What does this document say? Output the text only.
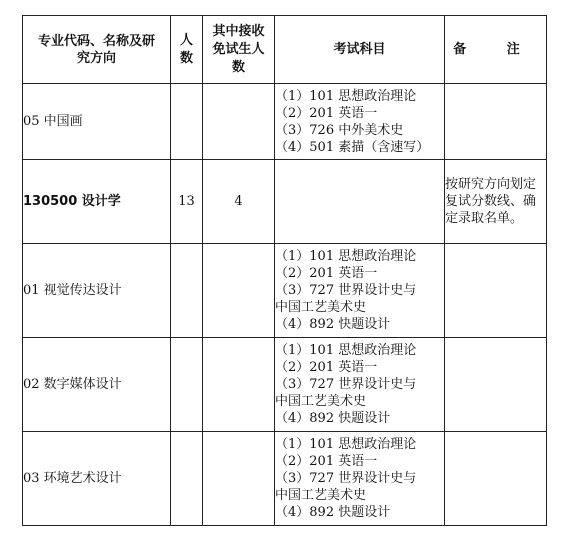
专业代码、名称及研究方向	人数	其中接收免试生人数	考试科目	备 注
05 中国画			（1）101 思想政治理论
（2）201 英语一
（3）726 中外美术史
（4）501 素描（含速写）	

130500 设计学	13	4		按研究方向划定复试分数线、确定录取名单。
01 视觉传达设计			（1）101 思想政治理论
（2）201 英语一
（3）727 世界设计史与
中国工艺美术史
（4）892 快题设计	

02 数字媒体设计			（1）101 思想政治理论
（2）201 英语一
（3）727 世界设计史与
中国工艺美术史
（4）892 快题设计	

03 环境艺术设计			（1）101 思想政治理论
（2）201 英语一
（3）727 世界设计史与
中国工艺美术史
（4）892 快题设计	
